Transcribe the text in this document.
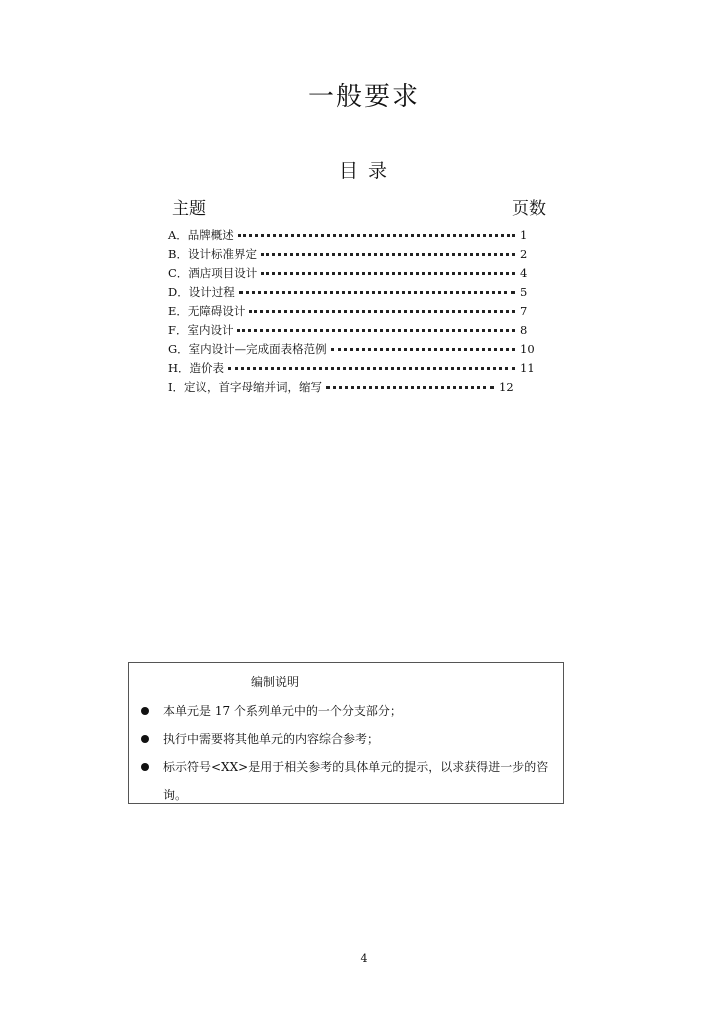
一般要求
目 录
主题	页数
A．品牌概述	1
B．设计标准界定	2
C．酒店项目设计	4
D．设计过程	5
E．无障碍设计	7
F．室内设计	8
G．室内设计—完成面表格范例	10
H．造价表	11
I．定议，首字母缩并词，缩写	12
编制说明
本单元是 17 个系列单元中的一个分支部分；
执行中需要将其他单元的内容综合参考；
标示符号<XX>是用于相关参考的具体单元的提示，以求获得进一步的咨询。
4
